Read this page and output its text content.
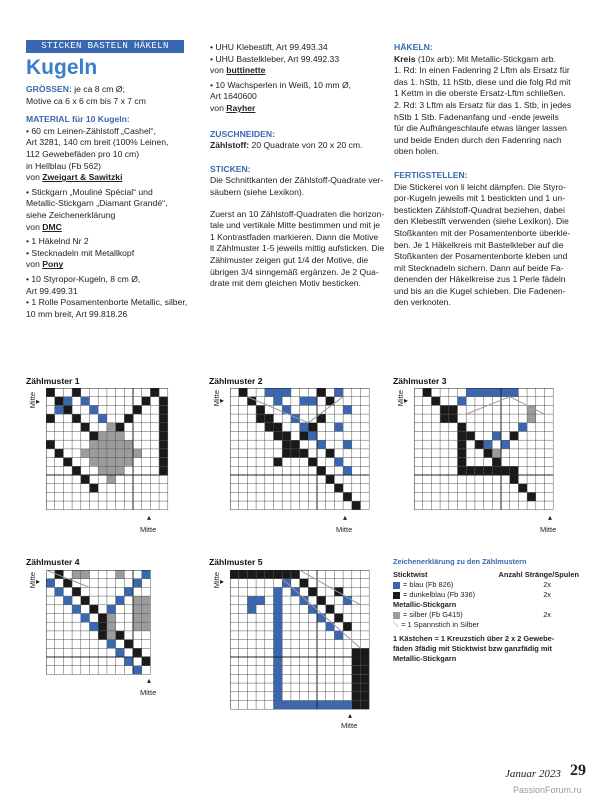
STICKEN BASTELN HÄKELN
Kugeln

GRÖSSEN: je ca 8 cm Ø;

Motive ca 6 x 6 cm bis 7 x 7 cm

MATERIAL für 10 Kugeln:

• 60 cm Leinen-Zählstoff „Cashel“,

Art 3281, 140 cm breit (100% Leinen,

112 Gewebefäden pro 10 cm)

in Hellblau (Fb 562)

von Zweigart & Sawitzki

• Stickgarn „Mouliné Spécial“ und

Metallic-Stickgarn „Diamant Grandé“,

siehe Zeichenerklärung

von DMC

• 1 Häkelnd Nr 2

• Stecknadeln mit Metallkopf

von Pony

• 10 Styropor-Kugeln, 8 cm Ø,

Art 99.499.31

• 1 Rolle Posamentenborte Metallic, silber,

10 mm breit, Art 99.818.26

• UHU Klebestift, Art 99.493.34

• UHU Bastelkleber, Art 99.492.33

von buttinette

• 10 Wachsperlen in Weiß, 10 mm Ø,

Art 1640600

von Rayher

ZUSCHNEIDEN:

Zählstoff: 20 Quadrate von 20 x 20 cm.

STICKEN:

Die Schnittkanten der Zählstoff-Quadrate ver-

säubern (siehe Lexikon).

Zuerst an 10 Zählstoff-Quadraten die horizon-

tale und vertikale Mitte bestimmen und mit je

1 Kontrastfaden markieren. Dann die Motive

lt Zählmuster 1-5 jeweils mittig aufsticken. Die

Zählmuster zeigen gut 1/4 der Motive, die

übrigen 3/4 sinngemäß ergänzen. Je 2 Qua-

drate mit dem gleichen Motiv besticken.

HÄKELN:

Kreis (10x arb): Mit Metallic-Stickgarn arb.

1. Rd: In einen Fadenring 2 Lftm als Ersatz für

das 1. hStb, 11 hStb, diese und die folg Rd mit

1 Kettm in die oberste Ersatz-Lftm schließen.

2. Rd: 3 Lftm als Ersatz für das 1. Stb, in jedes

hStb 1 Stb. Fadenanfang und -ende jeweils

für die Aufhängeschlaufe etwas länger lassen

und beide Enden durch den Fadenring nach

oben holen.

FERTIGSTELLEN:

Die Stickerei von li leicht dämpfen. Die Styro-

por-Kugeln jeweils mit 1 bestickten und 1 un-

bestickten Zählstoff-Quadrat beziehen, dabei

den Klebestift verwenden (siehe Lexikon). Die

Stoßkanten mit der Posamentenborte überkle-

ben. Je 1 Häkelkreis mit Bastelkleber auf die

Stoßkanten der Posamentenborte kleben und

mit Stecknadeln sichern. Dann auf beide Fa-

denenden der Häkelkreise zus 1 Perle fädeln

und bis an die Kugel schieben. Die Fadenen-

den verknoten.

Zählmuster 1	Zählmuster 2	Zählmuster 3
Zählmuster 4	Zählmuster 5
Mitte	Mitte	Mitte
Mitte	Mitte
▸	▸	▸
▸	▸
▴
Mitte
▴
Mitte
▴
Mitte
▴
Mitte
▴
Mitte
Zeichenerklärung zu den Zählmustern
Sticktwist	Anzahl Stränge/Spulen
= blau (Fb 826)	2x
= dunkelblau (Fb 336)	2x
Metallic-Stickgarn
= silber (Fb G415)	2x
⟍ = 1 Spannstich in Silber
1 Kästchen = 1 Kreuzstich über 2 x 2 Gewebe-
fäden 3fädig mit Sticktwist bzw ganzfädig mit
Metallic-Stickgarn
Januar 2023 29
PassionForum.ru
